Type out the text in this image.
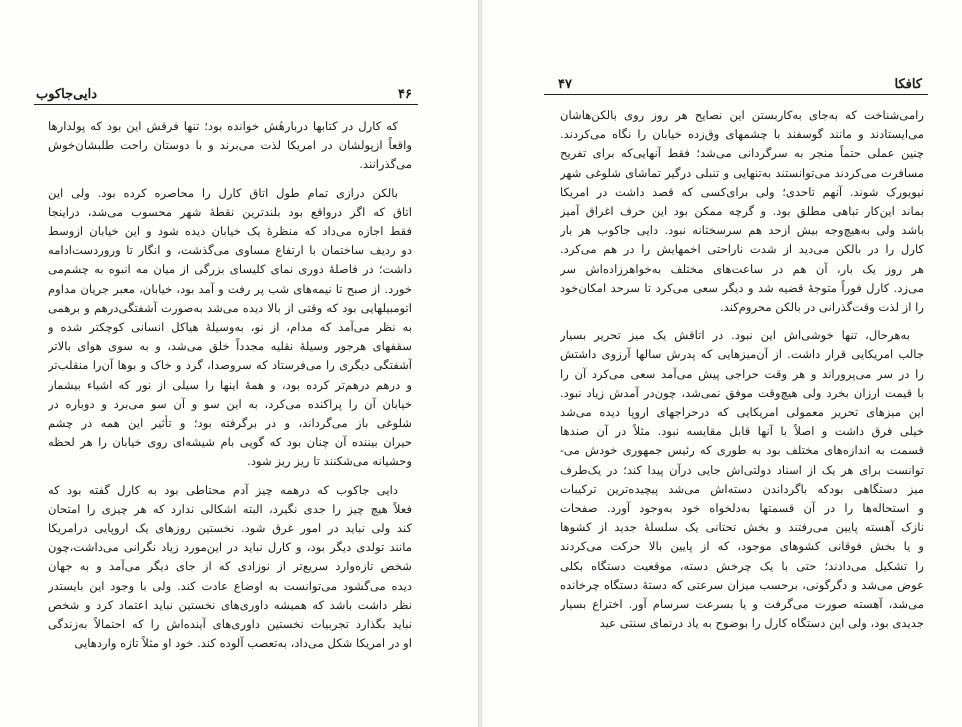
دایی‌جاکوب	۴۶

که کارل در کتابها دربارهٔش خوانده بود؛ تنها فرقش این بود که پولدارها
واقعاً ازپولشان در امریکا لذت می‌برند و با دوستان راحت طلبشان‌خوش
می‌گذرانند.

بالکن درازی تمام طول اتاق کارل را محاصره کرده بود. ولی این
اتاق که اگر درواقع بود بلندترین نقطهٔ شهر محسوب می‌شد، دراینجا
فقط اجازه می‌داد که منظرهٔ یک خیابان دیده شود و این خیابان ازوسط
دو ردیف ساختمان با ارتفاع مساوی می‌گذشت، و انگار تا وروردست‌ادامه
داشت؛ در فاصلهٔ دوری نمای کلیسای بزرگی از میان مه انبوه به چشم‌می‌
خورد. از صبح تا نیمه‌های شب پر رفت و آمد بود، خیابان، معبر جریان مداوم
اتومبیلهایی بود که وقتی از بالا دیده می‌شد به‌صورت آشفتگی‌درهم و برهمی
به نظر می‌آمد که مدام، از نو، به‌وسیلهٔ هیاکل انسانی کوچکتر شده و
سقفهای هرجور وسیلهٔ نقلیه مجدداً خلق می‌شد، و به سوی هوای بالاتر
آشفتگی دیگری را می‌فرستاد که سروصدا، گرد و خاک و بوها آن‌را منقلب‌تر
و درهم درهم‌تر کرده بود، و همهٔ اینها را سیلی از نور که اشیاء بیشمار
خیابان آن را پراکنده می‌کرد، به این سو و آن سو می‌برد و دوباره در
شلوغی باز می‌گرداند، و در برگرفته بود؛ و تأثیر این همه در چشم
حیران بیننده آن چنان بود که گویی بام شیشه‌ای روی خیابان را هر لحظه
وحشیانه می‌شکنند تا ریز ریز شود.

دایی جاکوب که درهمه چیز آدم محتاطی بود به کارل گفته بود که
فعلاً هیچ چیز را جدی نگیرد، البته اشکالی ندارد که هر چیزی را امتحان
کند ولی نباید در امور غرق شود. نخستین روزهای یک اروپایی درامریکا
مانند تولدی دیگر بود، و کارل نباید در این‌مورد زیاد نگرانی می‌داشت،چون
شخص تازه‌وارد سریع‌تر از نوزادی که از جای دیگر می‌آمد و به جهان
دیده می‌گشود می‌توانست به اوضاع عادت کند. ولی با وجود این بایستدر
نظر داشت باشد که همیشه داوری‌های نخستین نباید اعتماد کرد و شخص
نباید بگذارد تجربیات نخستین داوری‌های آینده‌اش را که احتمالاً به‌زندگی
او در امریکا شکل می‌داد، به‌تعصب آلوده کند. خود او مثلاً تازه واردهایی

۴۷	کافکا

رامی‌شناخت که به‌جای به‌کاربستن این نصایح هر روز روی بالکن‌هاشان
می‌ایستادند و مانند گوسفند با چشمهای وق‌زده خیابان را نگاه می‌کردند.
چنین عملی حتماً منجر به سرگردانی می‌شد؛ فقط آنهایی‌که برای تفریح
مسافرت می‌کردند می‌توانستند به‌تنهایی و تنبلی درگیر تماشای شلوغی شهر
نیویورک شوند. آنهم تاحدی؛ ولی برای‌کسی که قصد داشت در امریکا
بماند این‌کار تباهی مطلق بود. و گرچه ممکن بود این حرف اغراق آمیز
باشد ولی به‌هیچ‌وجه بیش ازحد هم سرسختانه نبود. دایی جاکوب هر بار
کارل را در بالکن می‌دید از شدت ناراحتی اخمهایش را در هم می‌کرد.
هر روز یک بار، آن هم در ساعت‌های مختلف به‌خواهرزاده‌اش سر
می‌زد. کارل فوراً متوجهٔ قضیه شد و دیگر سعی می‌کرد تا سرحد امکان‌خود
را از لذت وقت‌گذرانی در بالکن محروم‌کند.

به‌هرحال، تنها خوشی‌اش این نبود. در اتاقش یک میز تحریر بسیار
جالب امریکایی قرار داشت. از آن‌میزهایی که پدرش سالها آرزوی داشتش
را در سر می‌پروراند و هر وقت حراجی پیش می‌آمد سعی می‌کرد آن را
با قیمت ارزان بخرد ولی هیچ‌وقت موفق نمی‌شد، چون‌در آمدش زیاد نبود.
این میزهای تحریر معمولی امریکایی که درحراجهای اروپا دیده می‌شد
خیلی فرق داشت و اصلاً با آنها قابل مقایسه نبود. مثلاً در آن صندها
قسمت به اندازه‌های مختلف بود به طوری که رئیس جمهوری خودش می-
توانست برای هر یک از اسناد دولتی‌اش جایی درآن پیدا کند؛ در یک‌طرف
میز دستگاهی بودکه باگرداندن دسته‌اش می‌شد پیچیده‌ترین ترکیبات
و استحاله‌ها را در آن قسمتها به‌دلخواه خود به‌وجود آورد. صفحات
نازک آهسته پایین می‌رفتند و بخش تحتانی یک سلسلهٔ جدید از کشوها
و یا بخش فوقانی کشوهای موجود، که از پایین بالا حرکت می‌کردند
را تشکیل می‌دادند؛ حتی با یک چرخش دسته، موقعیت دستگاه بکلی
عوض می‌شد و دگرگونی، برحسب میزان سرعتی که دستهٔ دستگاه چرخانده
می‌شد، آهسته صورت می‌گرفت و یا بسرعت سرسام آور. اختراع بسیار
جدیدی بود، ولی این دستگاه کارل را بوضوح به یاد درنمای سنتی عید
